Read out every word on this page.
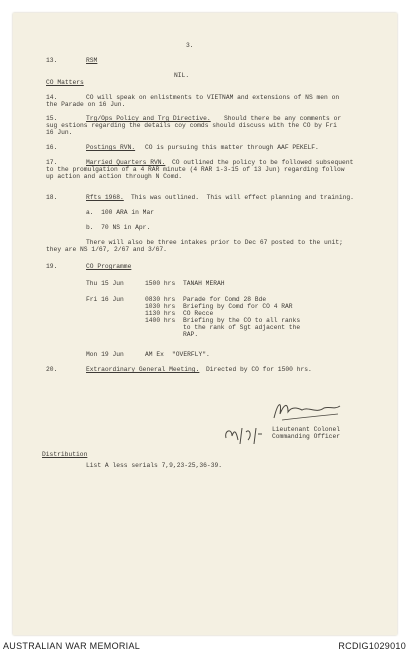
3.
13.	RSM
NIL.
CO Matters
14.	CO will speak on enlistments to VIETNAM and extensions of NS men on
the Parade on 16 Jun.
15.	Trg/Ops Policy and Trg Directive. Should there be any comments or
sug estions regarding the details coy comds should discuss with the CO by Fri
16 Jun.
16.	Postings RVN. CO is pursuing this matter through AAF PEKELF.
17.	Married Quarters RVN. CO outlined the policy to be followed subsequent
to the promulgation of a 4 RAR minute (4 RAR 1-3-15 of 13 Jun) regarding follow
up action and action through N Comd.
18.	Rfts 1968. This was outlined.  This will effect planning and training.
a.  100 ARA in Mar
b.  70 NS in Apr.
There will also be three intakes prior to Dec 67 posted to the unit;
they are NS 1/67, 2/67 and 3/67.
19.	CO Programme
Thu 15 Jun	1500 hrs TANAH MERAH
Fri 16 Jun	0830 hrs Parade for Comd 28 Bde
1030 hrs Briefing by Comd for CO 4 RAR
1130 hrs CO Recce
1400 hrs Briefing by the CO to all ranks
to the rank of Sgt adjacent the
RAP.
Mon 19 Jun	AM Ex "OVERFLY".
20.	Extraordinary General Meeting. Directed by CO for 1500 hrs.
Lieutenant Colonel
Commanding Officer
Distribution
List A less serials 7,9,23-25,36-39.
AUSTRALIAN WAR MEMORIAL	RCDIG1029010
